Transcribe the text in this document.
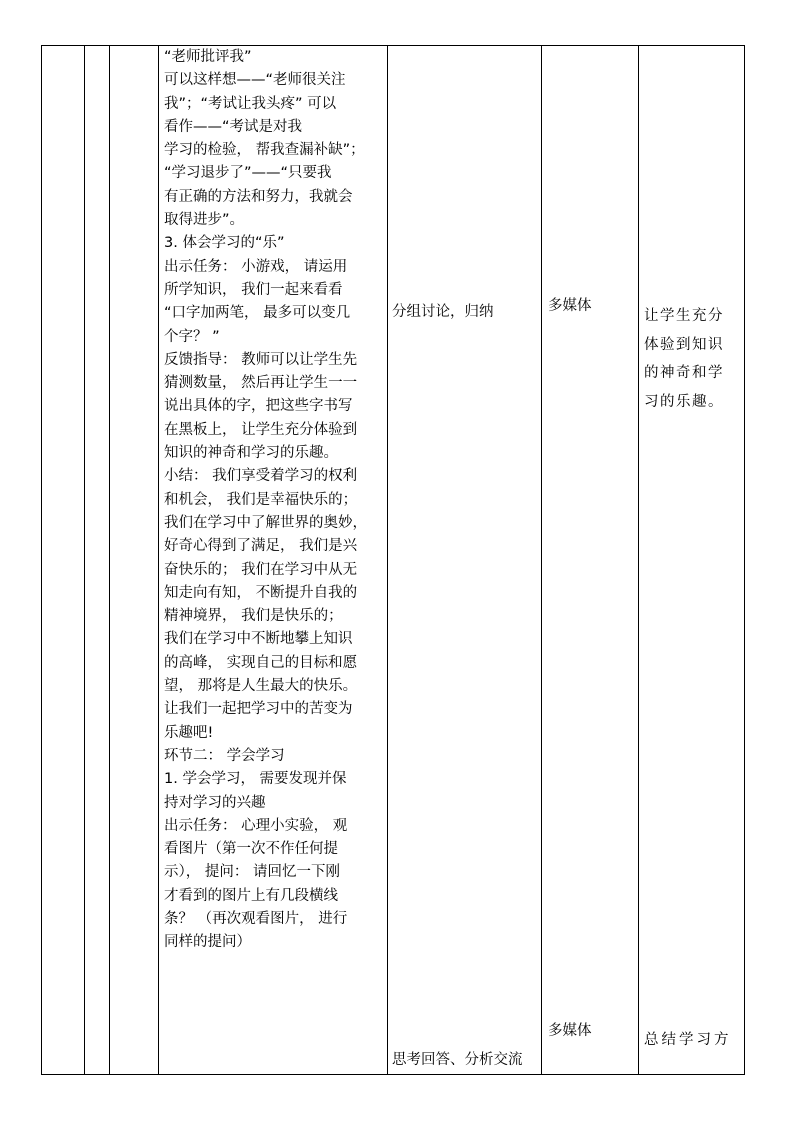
“老师批评我”
可以这样想——“老师很关注
我”；“考试让我头疼” 可以
看作——“考试是对我
学习的检验， 帮我查漏补缺”；
“学习退步了”——“只要我
有正确的方法和努力，我就会
取得进步”。
3. 体会学习的“乐”
出示任务： 小游戏， 请运用
所学知识， 我们一起来看看
“口字加两笔， 最多可以变几
个字？ ”
反馈指导： 教师可以让学生先
猜测数量， 然后再让学生一一
说出具体的字，把这些字书写
在黑板上， 让学生充分体验到
知识的神奇和学习的乐趣。
小结： 我们享受着学习的权利
和机会， 我们是幸福快乐的；
我们在学习中了解世界的奥妙，
好奇心得到了满足， 我们是兴
奋快乐的； 我们在学习中从无
知走向有知， 不断提升自我的
精神境界， 我们是快乐的；
我们在学习中不断地攀上知识
的高峰， 实现自己的目标和愿
望， 那将是人生最大的快乐。
让我们一起把学习中的苦变为
乐趣吧!
环节二： 学会学习
1. 学会学习， 需要发现并保
持对学习的兴趣
出示任务： 心理小实验， 观
看图片（第一次不作任何提
示）， 提问： 请回忆一下刚
才看到的图片上有几段横线
条？ （再次观看图片， 进行
同样的提问）
分组讨论，归纳
思考回答、分析交流
多媒体
多媒体
让学生充分
体验到知识
的神奇和学
习的乐趣。
总结学习方
